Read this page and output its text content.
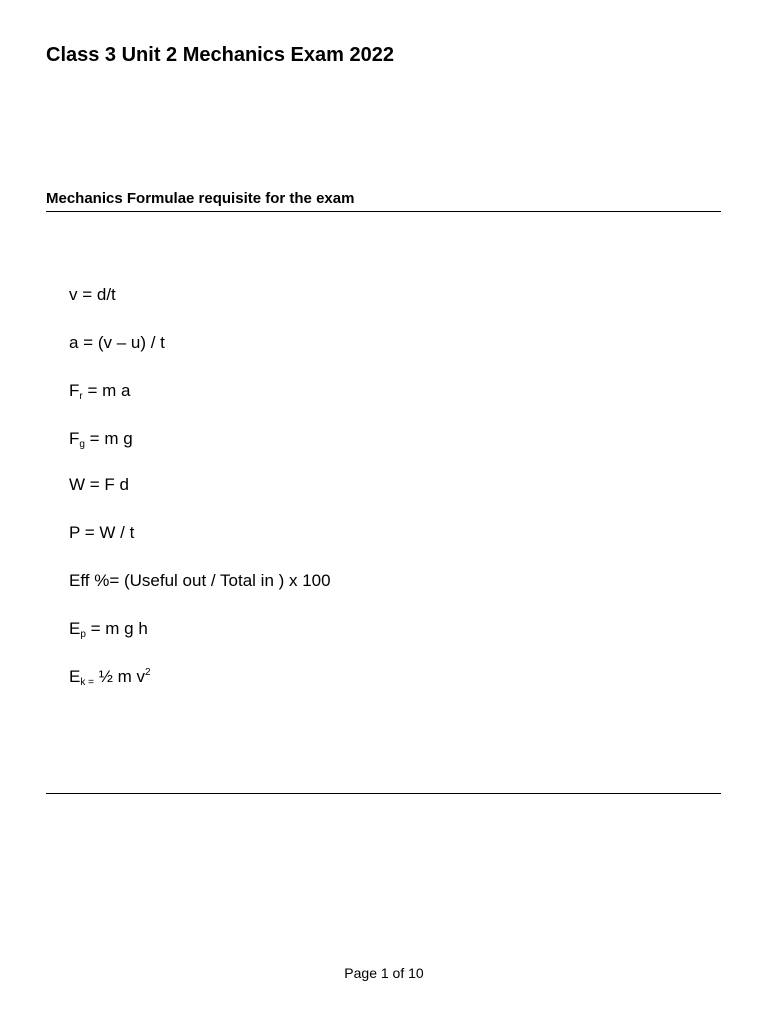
Class 3 Unit 2 Mechanics Exam 2022
Mechanics Formulae requisite for the exam
v = d/t
a = (v – u) / t
$F_r = m$ a
$F_g = m$ g
W = F d
P = W / t
Eff %= (Useful out / Total in ) x 100
$E_p = m$ g h
$E_{k =}$ ½ m $v^2$
Page 1 of 10
